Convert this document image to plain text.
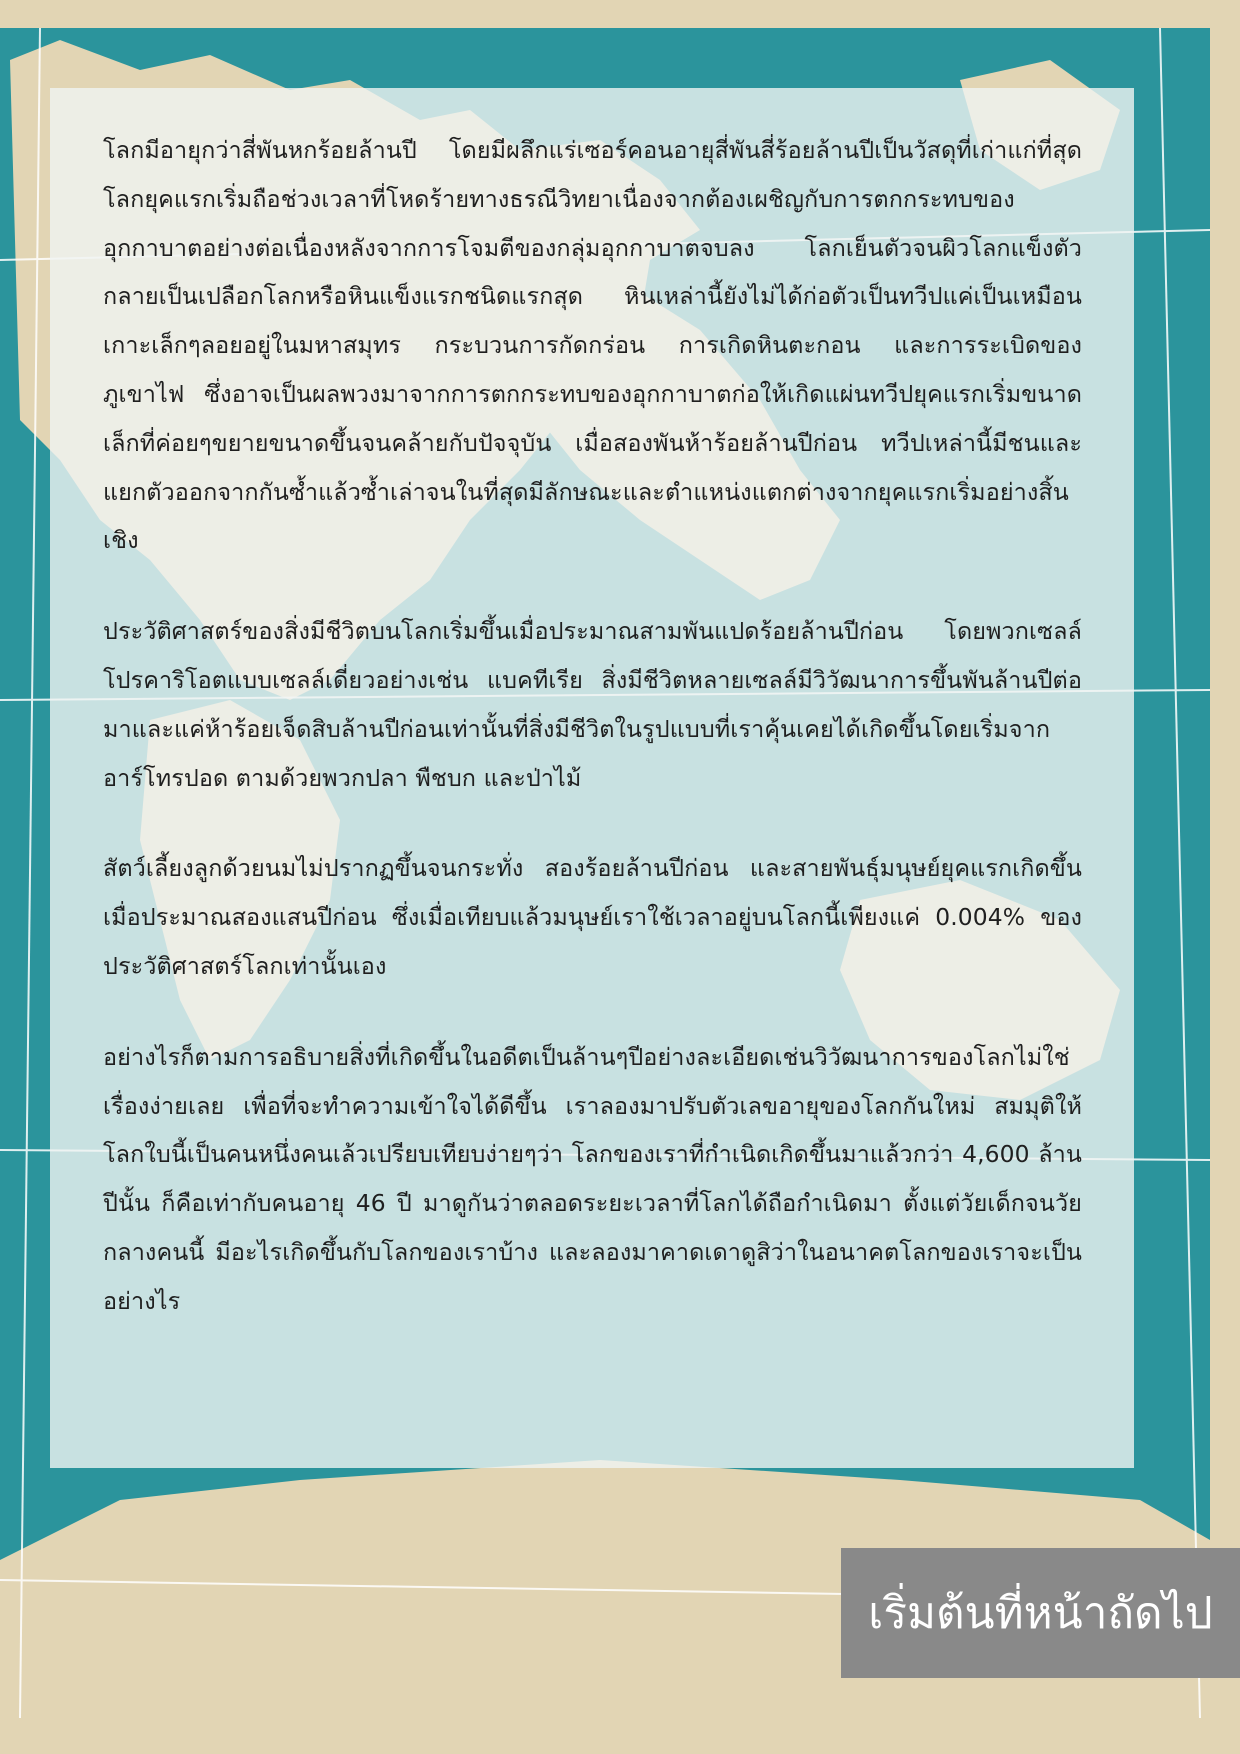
โลกมีอายุกว่าสี่พันหกร้อยล้านปี โดยมีผลึกแร่เซอร์คอนอายุสี่พันสี่ร้อยล้านปีเป็นวัสดุที่เก่าแก่ที่สุด โลกยุคแรกเริ่มถือช่วงเวลาที่โหดร้ายทางธรณีวิทยาเนื่องจากต้องเผชิญกับการตกกระทบของอุกกาบาตอย่างต่อเนื่องหลังจากการโจมตีของกลุ่มอุกกาบาตจบลง โลกเย็นตัวจนผิวโลกแข็งตัวกลายเป็นเปลือกโลกหรือหินแข็งแรกชนิดแรกสุด หินเหล่านี้ยังไม่ได้ก่อตัวเป็นทวีปแค่เป็นเหมือนเกาะเล็กๆลอยอยู่ในมหาสมุทร กระบวนการกัดกร่อน การเกิดหินตะกอน และการระเบิดของภูเขาไฟ ซึ่งอาจเป็นผลพวงมาจากการตกกระทบของอุกกาบาตก่อให้เกิดแผ่นทวีปยุคแรกเริ่มขนาดเล็กที่ค่อยๆขยายขนาดขึ้นจนคล้ายกับปัจจุบัน เมื่อสองพันห้าร้อยล้านปีก่อน ทวีปเหล่านี้มีชนและแยกตัวออกจากกันซ้ำแล้วซ้ำเล่าจนในที่สุดมีลักษณะและตำแหน่งแตกต่างจากยุคแรกเริ่มอย่างสิ้นเชิง

ประวัติศาสตร์ของสิ่งมีชีวิตบนโลกเริ่มขึ้นเมื่อประมาณสามพันแปดร้อยล้านปีก่อน โดยพวกเซลล์โปรคาริโอตแบบเซลล์เดี่ยวอย่างเช่น แบคทีเรีย สิ่งมีชีวิตหลายเซลล์มีวิวัฒนาการขึ้นพันล้านปีต่อมาและแค่ห้าร้อยเจ็ดสิบล้านปีก่อนเท่านั้นที่สิ่งมีชีวิตในรูปแบบที่เราคุ้นเคยได้เกิดขึ้นโดยเริ่มจาก อาร์โทรปอด ตามด้วยพวกปลา พืชบก และป่าไม้

สัตว์เลี้ยงลูกด้วยนมไม่ปรากฏขึ้นจนกระทั่ง สองร้อยล้านปีก่อน และสายพันธุ์มนุษย์ยุคแรกเกิดขึ้นเมื่อประมาณสองแสนปีก่อน ซึ่งเมื่อเทียบแล้วมนุษย์เราใช้เวลาอยู่บนโลกนี้เพียงแค่ 0.004% ของประวัติศาสตร์โลกเท่านั้นเอง

อย่างไรก็ตามการอธิบายสิ่งที่เกิดขึ้นในอดีตเป็นล้านๆปีอย่างละเอียดเช่นวิวัฒนาการของโลกไม่ใช่เรื่องง่ายเลย เพื่อที่จะทำความเข้าใจได้ดีขึ้น เราลองมาปรับตัวเลขอายุของโลกกันใหม่ สมมุติให้โลกใบนี้เป็นคนหนึ่งคนเล้วเปรียบเทียบง่ายๆว่า โลกของเราที่กำเนิดเกิดขึ้นมาแล้วกว่า 4,600 ล้านปีนั้น ก็คือเท่ากับคนอายุ 46 ปี มาดูกันว่าตลอดระยะเวลาที่โลกได้ถือกำเนิดมา ตั้งแต่วัยเด็กจนวัยกลางคนนี้ มีอะไรเกิดขึ้นกับโลกของเราบ้าง และลองมาคาดเดาดูสิว่าในอนาคตโลกของเราจะเป็นอย่างไร

เริ่มต้นที่หน้าถัดไป
